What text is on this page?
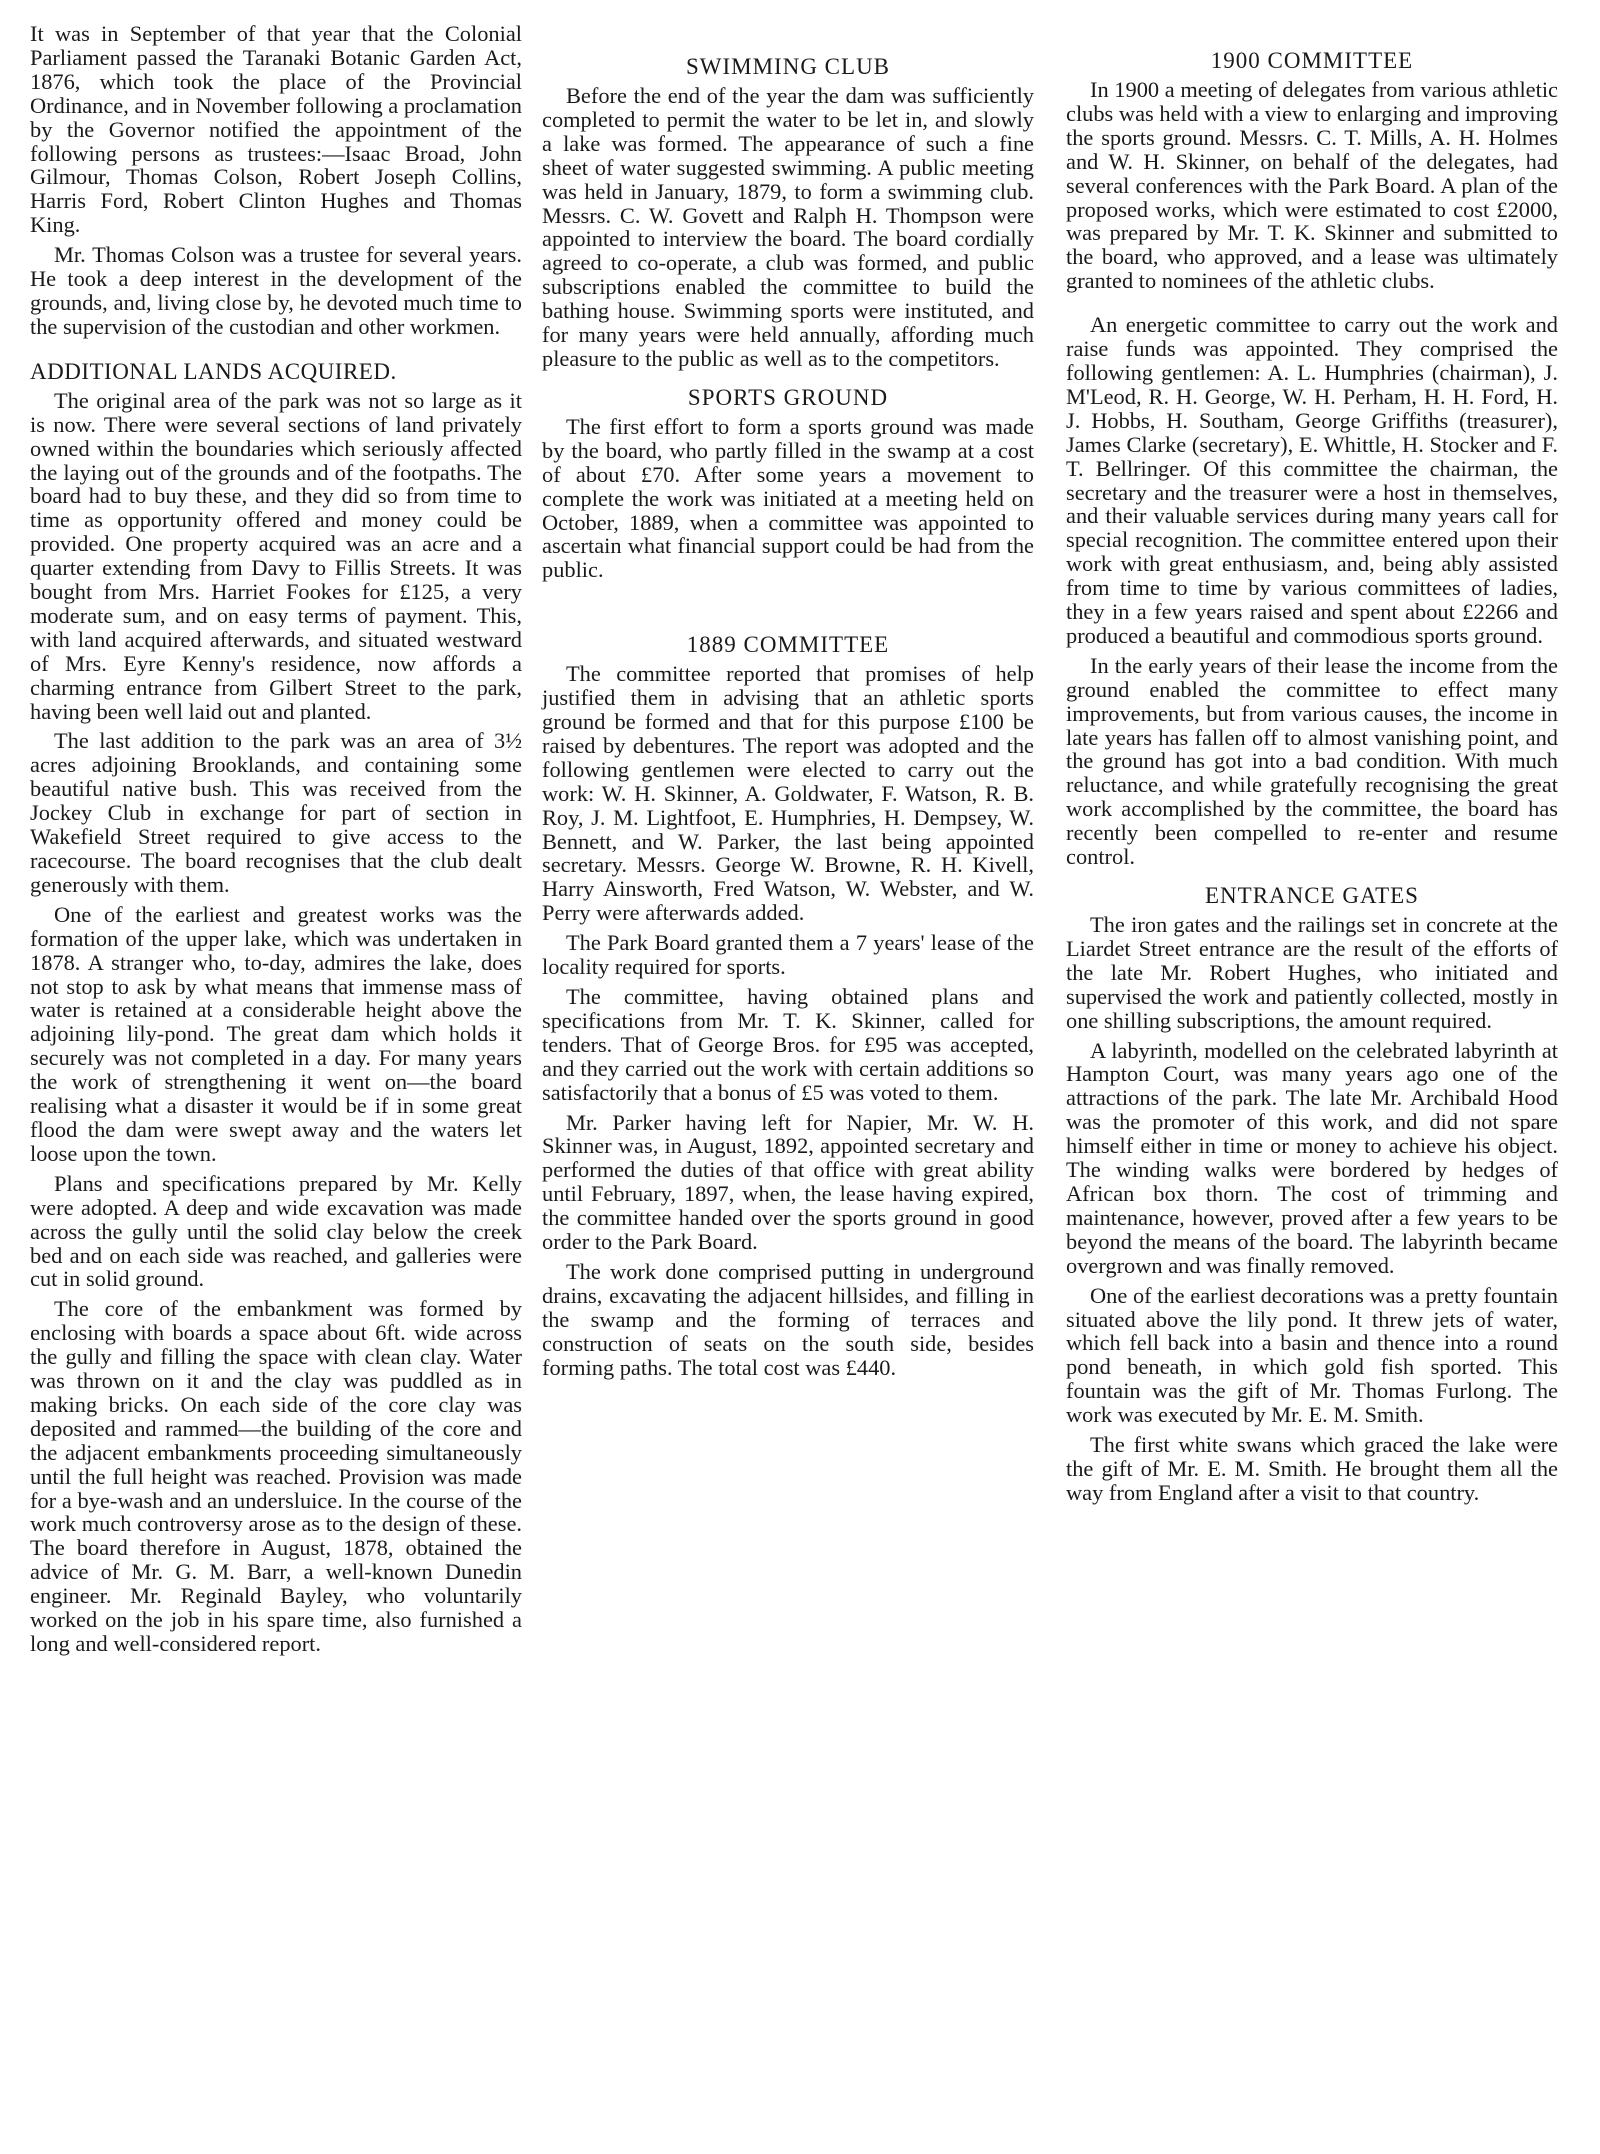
It was in September of that year that the Colonial Parliament passed the Taranaki Botanic Garden Act, 1876, which took the place of the Provincial Ordinance, and in November following a proclamation by the Governor notified the appointment of the following persons as trustees:—Isaac Broad, John Gilmour, Thomas Colson, Robert Joseph Collins, Harris Ford, Robert Clinton Hughes and Thomas King.

Mr. Thomas Colson was a trustee for several years. He took a deep interest in the development of the grounds, and, living close by, he devoted much time to the supervision of the custodian and other workmen.

ADDITIONAL LANDS ACQUIRED.

The original area of the park was not so large as it is now. There were several sections of land privately owned within the boundaries which seriously affected the laying out of the grounds and of the footpaths. The board had to buy these, and they did so from time to time as opportunity offered and money could be provided. One property acquired was an acre and a quarter extending from Davy to Fillis Streets. It was bought from Mrs. Harriet Fookes for £125, a very moderate sum, and on easy terms of payment. This, with land acquired afterwards, and situated westward of Mrs. Eyre Kenny's residence, now affords a charming entrance from Gilbert Street to the park, having been well laid out and planted.

The last addition to the park was an area of 3½ acres adjoining Brooklands, and containing some beautiful native bush. This was received from the Jockey Club in exchange for part of section in Wakefield Street required to give access to the racecourse. The board recognises that the club dealt generously with them.

One of the earliest and greatest works was the formation of the upper lake, which was undertaken in 1878. A stranger who, to-day, admires the lake, does not stop to ask by what means that immense mass of water is retained at a considerable height above the adjoining lily-pond. The great dam which holds it securely was not completed in a day. For many years the work of strengthening it went on—the board realising what a disaster it would be if in some great flood the dam were swept away and the waters let loose upon the town.

Plans and specifications prepared by Mr. Kelly were adopted. A deep and wide excavation was made across the gully until the solid clay below the creek bed and on each side was reached, and galleries were cut in solid ground.

The core of the embankment was formed by enclosing with boards a space about 6ft. wide across the gully and filling the space with clean clay. Water was thrown on it and the clay was puddled as in making bricks. On each side of the core clay was deposited and rammed—the building of the core and the adjacent embankments proceeding simultaneously until the full height was reached. Provision was made for a bye-wash and an undersluice. In the course of the work much controversy arose as to the design of these. The board therefore in August, 1878, obtained the advice of Mr. G. M. Barr, a well-known Dunedin engineer. Mr. Reginald Bayley, who voluntarily worked on the job in his spare time, also furnished a long and well-considered report.

SWIMMING CLUB

Before the end of the year the dam was sufficiently completed to permit the water to be let in, and slowly a lake was formed. The appearance of such a fine sheet of water suggested swimming. A public meeting was held in January, 1879, to form a swimming club. Messrs. C. W. Govett and Ralph H. Thompson were appointed to interview the board. The board cordially agreed to co-operate, a club was formed, and public subscriptions enabled the committee to build the bathing house. Swimming sports were instituted, and for many years were held annually, affording much pleasure to the public as well as to the competitors.

SPORTS GROUND

The first effort to form a sports ground was made by the board, who partly filled in the swamp at a cost of about £70. After some years a movement to complete the work was initiated at a meeting held on October, 1889, when a committee was appointed to ascertain what financial support could be had from the public.

1889 COMMITTEE

The committee reported that promises of help justified them in advising that an athletic sports ground be formed and that for this purpose £100 be raised by debentures. The report was adopted and the following gentlemen were elected to carry out the work: W. H. Skinner, A. Goldwater, F. Watson, R. B. Roy, J. M. Lightfoot, E. Humphries, H. Dempsey, W. Bennett, and W. Parker, the last being appointed secretary. Messrs. George W. Browne, R. H. Kivell, Harry Ainsworth, Fred Watson, W. Webster, and W. Perry were afterwards added.

The Park Board granted them a 7 years' lease of the locality required for sports.

The committee, having obtained plans and specifications from Mr. T. K. Skinner, called for tenders. That of George Bros. for £95 was accepted, and they carried out the work with certain additions so satisfactorily that a bonus of £5 was voted to them.

Mr. Parker having left for Napier, Mr. W. H. Skinner was, in August, 1892, appointed secretary and performed the duties of that office with great ability until February, 1897, when, the lease having expired, the committee handed over the sports ground in good order to the Park Board.

The work done comprised putting in underground drains, excavating the adjacent hillsides, and filling in the swamp and the forming of terraces and construction of seats on the south side, besides forming paths. The total cost was £440.

1900 COMMITTEE

In 1900 a meeting of delegates from various athletic clubs was held with a view to enlarging and improving the sports ground. Messrs. C. T. Mills, A. H. Holmes and W. H. Skinner, on behalf of the delegates, had several conferences with the Park Board. A plan of the proposed works, which were estimated to cost £2000, was prepared by Mr. T. K. Skinner and submitted to the board, who approved, and a lease was ultimately granted to nominees of the athletic clubs.

An energetic committee to carry out the work and raise funds was appointed. They comprised the following gentlemen: A. L. Humphries (chairman), J. M'Leod, R. H. George, W. H. Perham, H. H. Ford, H. J. Hobbs, H. Southam, George Griffiths (treasurer), James Clarke (secretary), E. Whittle, H. Stocker and F. T. Bellringer. Of this committee the chairman, the secretary and the treasurer were a host in themselves, and their valuable services during many years call for special recognition. The committee entered upon their work with great enthusiasm, and, being ably assisted from time to time by various committees of ladies, they in a few years raised and spent about £2266 and produced a beautiful and commodious sports ground.

In the early years of their lease the income from the ground enabled the committee to effect many improvements, but from various causes, the income in late years has fallen off to almost vanishing point, and the ground has got into a bad condition. With much reluctance, and while gratefully recognising the great work accomplished by the committee, the board has recently been compelled to re-enter and resume control.

ENTRANCE GATES

The iron gates and the railings set in concrete at the Liardet Street entrance are the result of the efforts of the late Mr. Robert Hughes, who initiated and supervised the work and patiently collected, mostly in one shilling subscriptions, the amount required.

A labyrinth, modelled on the celebrated labyrinth at Hampton Court, was many years ago one of the attractions of the park. The late Mr. Archibald Hood was the promoter of this work, and did not spare himself either in time or money to achieve his object. The winding walks were bordered by hedges of African box thorn. The cost of trimming and maintenance, however, proved after a few years to be beyond the means of the board. The labyrinth became overgrown and was finally removed.

One of the earliest decorations was a pretty fountain situated above the lily pond. It threw jets of water, which fell back into a basin and thence into a round pond beneath, in which gold fish sported. This fountain was the gift of Mr. Thomas Furlong. The work was executed by Mr. E. M. Smith.

The first white swans which graced the lake were the gift of Mr. E. M. Smith. He brought them all the way from England after a visit to that country.
